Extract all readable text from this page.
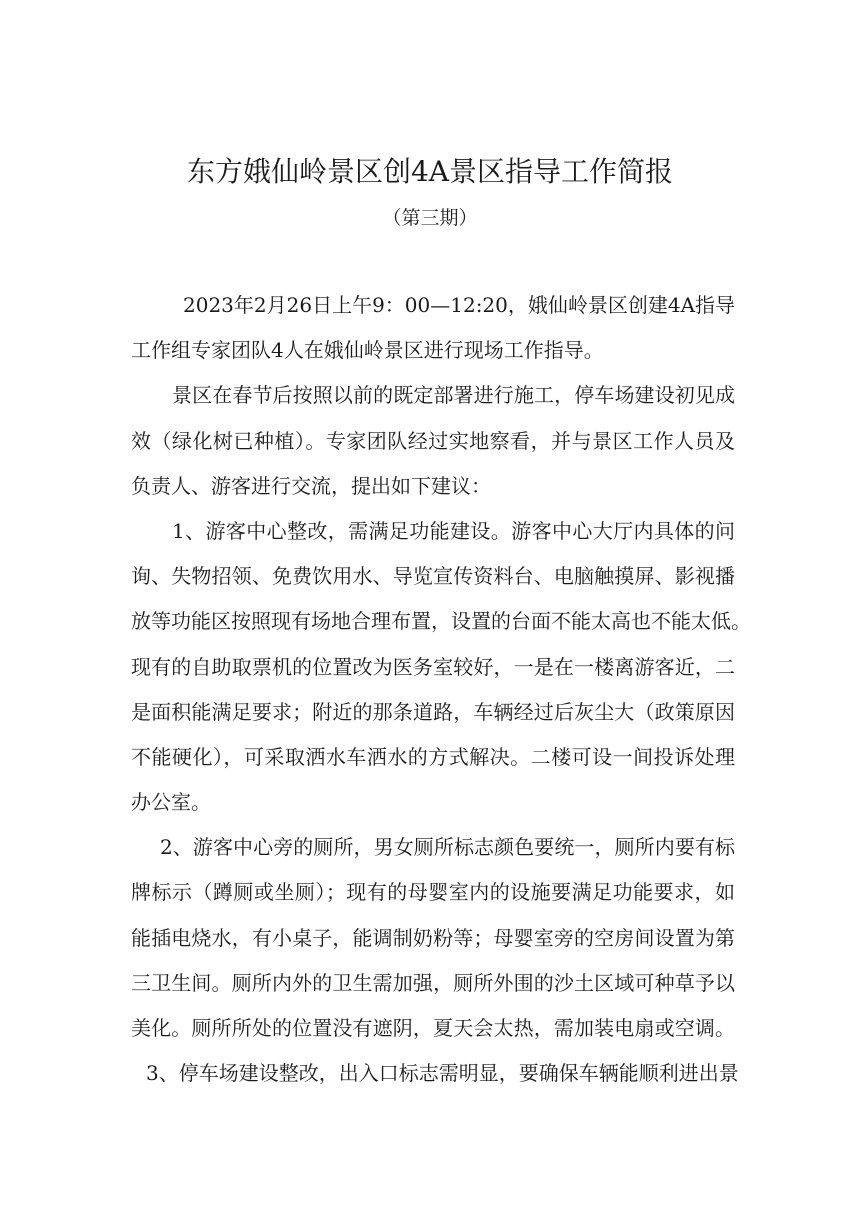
东方娥仙岭景区创4A景区指导工作简报
（第三期）
2023年2月26日上午9：00—12:20，娥仙岭景区创建4A指导
工作组专家团队4人在娥仙岭景区进行现场工作指导。
景区在春节后按照以前的既定部署进行施工，停车场建设初见成
效（绿化树已种植）。专家团队经过实地察看，并与景区工作人员及
负责人、游客进行交流，提出如下建议：
1、游客中心整改，需满足功能建设。游客中心大厅内具体的问
询、失物招领、免费饮用水、导览宣传资料台、电脑触摸屏、影视播
放等功能区按照现有场地合理布置，设置的台面不能太高也不能太低。
现有的自助取票机的位置改为医务室较好，一是在一楼离游客近，二
是面积能满足要求；附近的那条道路，车辆经过后灰尘大（政策原因
不能硬化），可采取洒水车洒水的方式解决。二楼可设一间投诉处理
办公室。
2、游客中心旁的厕所，男女厕所标志颜色要统一，厕所内要有标
牌标示（蹲厕或坐厕）；现有的母婴室内的设施要满足功能要求，如
能插电烧水，有小桌子，能调制奶粉等；母婴室旁的空房间设置为第
三卫生间。厕所内外的卫生需加强，厕所外围的沙土区域可种草予以
美化。厕所所处的位置没有遮阴，夏天会太热，需加装电扇或空调。
3、停车场建设整改，出入口标志需明显，要确保车辆能顺利进出景
